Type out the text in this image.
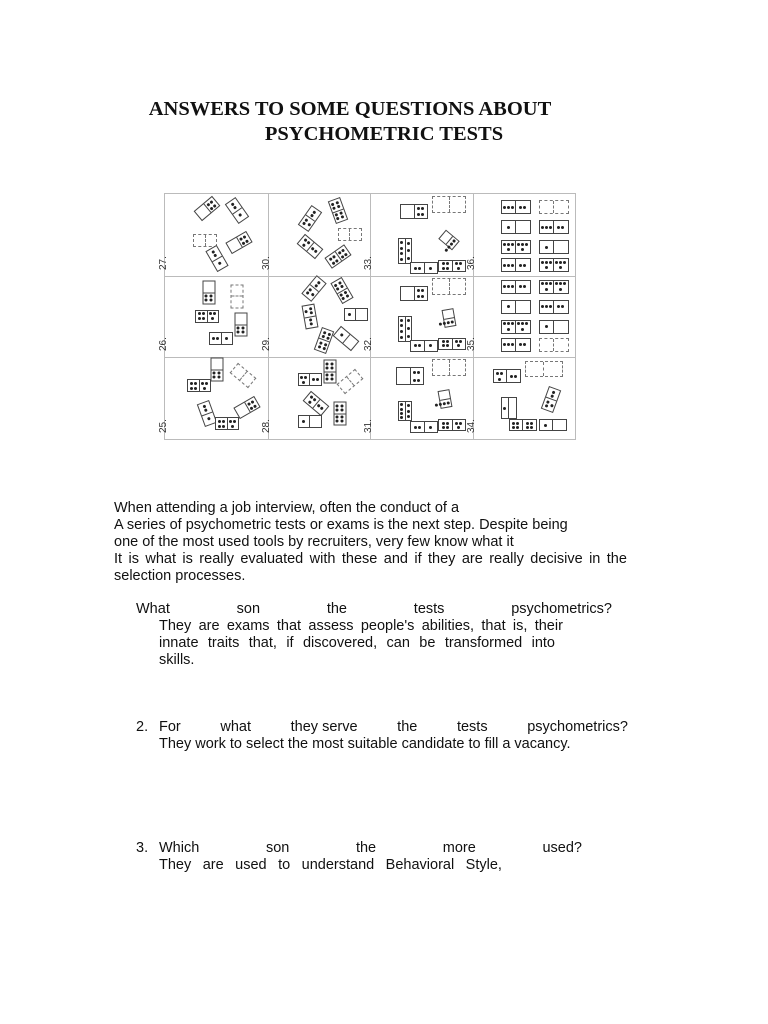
ANSWERS TO SOME QUESTIONS ABOUT
PSYCHOMETRIC TESTS
27.	30.	33.	36.
26.	29.	32.	35.
25.	28.	31.	34.
When attending a job interview, often the conduct of a
A series of psychometric tests or exams is the next step. Despite being
one of the most used tools by recruiters, very few know what it
It is what is really evaluated with these and if they are really decisive in the
selection processes.
What	son	the	tests	psychometrics?
They are exams that assess people's abilities, that is, their
innate traits that, if discovered, can be transformed into
skills.
2. For	what	they serve	the	tests	psychometrics?
They work to select the most suitable candidate to fill a vacancy.
3. Which	son	the	more	used?
They are used to understand Behavioral Style,
